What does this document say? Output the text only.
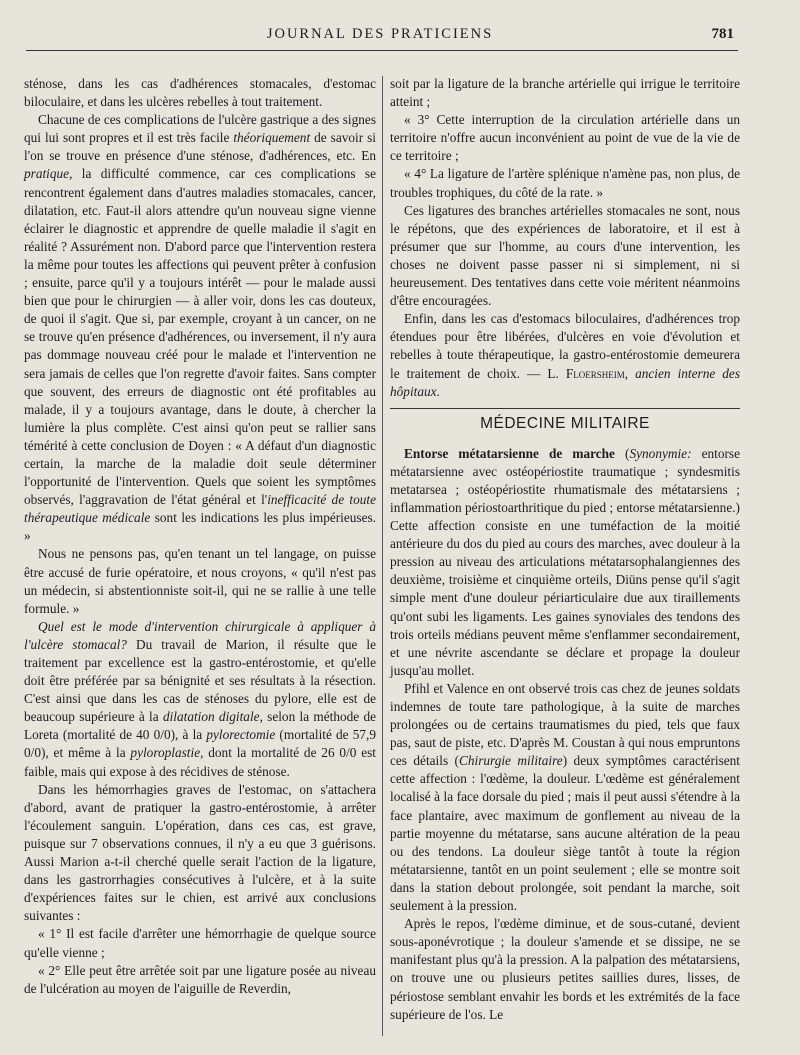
JOURNAL DES PRATICIENS	781

sténose, dans les cas d'adhérences stomacales, d'estomac biloculaire, et dans les ulcères rebelles à tout traitement.

Chacune de ces complications de l'ulcère gastrique a des signes qui lui sont propres et il est très facile théoriquement de savoir si l'on se trouve en présence d'une sténose, d'adhérences, etc. En pratique, la difficulté commence, car ces complications se rencontrent également dans d'autres maladies stomacales, cancer, dilatation, etc. Faut-il alors attendre qu'un nouveau signe vienne éclairer le diagnostic et apprendre de quelle maladie il s'agit en réalité ? Assurément non. D'abord parce que l'intervention restera la même pour toutes les affections qui peuvent prêter à confusion ; ensuite, parce qu'il y a toujours intérêt — pour le malade aussi bien que pour le chirurgien — à aller voir, dons les cas douteux, de quoi il s'agit. Que si, par exemple, croyant à un cancer, on ne se trouve qu'en présence d'adhérences, ou inversement, il n'y aura pas dommage nouveau créé pour le malade et l'intervention ne sera jamais de celles que l'on regrette d'avoir faites. Sans compter que souvent, des erreurs de diagnostic ont été profitables au malade, il y a toujours avantage, dans le doute, à chercher la lumière la plus complète. C'est ainsi qu'on peut se rallier sans témérité à cette conclusion de Doyen : « A défaut d'un diagnostic certain, la marche de la maladie doit seule déterminer l'opportunité de l'intervention. Quels que soient les symptômes observés, l'aggravation de l'état général et l'inefficacité de toute thérapeutique médicale sont les indications les plus impérieuses. »

Nous ne pensons pas, qu'en tenant un tel langage, on puisse être accusé de furie opératoire, et nous croyons, « qu'il n'est pas un médecin, si abstentionniste soit-il, qui ne se rallie à une telle formule. »

Quel est le mode d'intervention chirurgicale à appliquer à l'ulcère stomacal? Du travail de Marion, il résulte que le traitement par excellence est la gastro-entérostomie, et qu'elle doit être préférée par sa bénignité et ses résultats à la résection. C'est ainsi que dans les cas de sténoses du pylore, elle est de beaucoup supérieure à la dilatation digitale, selon la méthode de Loreta (mortalité de 40 0/0), à la pylorectomie (mortalité de 57,9 0/0), et même à la pyloroplastie, dont la mortalité de 26 0/0 est faible, mais qui expose à des récidives de sténose.

Dans les hémorrhagies graves de l'estomac, on s'attachera d'abord, avant de pratiquer la gastro-entérostomie, à arrêter l'écoulement sanguin. L'opération, dans ces cas, est grave, puisque sur 7 observations connues, il n'y a eu que 3 guérisons. Aussi Marion a-t-il cherché quelle serait l'action de la ligature, dans les gastrorrhagies consécutives à l'ulcère, et à la suite d'expériences faites sur le chien, est arrivé aux conclusions suivantes :

« 1° Il est facile d'arrêter une hémorrhagie de quelque source qu'elle vienne ;

« 2° Elle peut être arrêtée soit par une ligature posée au niveau de l'ulcération au moyen de l'aiguille de Reverdin,

soit par la ligature de la branche artérielle qui irrigue le territoire atteint ;

« 3° Cette interruption de la circulation artérielle dans un territoire n'offre aucun inconvénient au point de vue de la vie de ce territoire ;

« 4° La ligature de l'artère splénique n'amène pas, non plus, de troubles trophiques, du côté de la rate. »

Ces ligatures des branches artérielles stomacales ne sont, nous le répétons, que des expériences de laboratoire, et il est à présumer que sur l'homme, au cours d'une intervention, les choses ne doivent passe passer ni si simplement, ni si heureusement. Des tentatives dans cette voie méritent néanmoins d'être encouragées.

Enfin, dans les cas d'estomacs biloculaires, d'adhérences trop étendues pour être libérées, d'ulcères en voie d'évolution et rebelles à toute thérapeutique, la gastro-entérostomie demeurera le traitement de choix. — L. Floersheim, ancien interne des hôpitaux.

MÉDECINE MILITAIRE

Entorse métatarsienne de marche (Synonymie: entorse métatarsienne avec ostéopériostite traumatique ; syndesmitis metatarsea ; ostéopériostite rhumatismale des métatarsiens ; inflammation périostoarthritique du pied ; entorse métatarsienne.) Cette affection consiste en une tuméfaction de la moitié antérieure du dos du pied au cours des marches, avec douleur à la pression au niveau des articulations métatarsophalangiennes des deuxième, troisième et cinquième orteils, Diüns pense qu'il s'agit simple ment d'une douleur périarticulaire due aux tiraillements qu'ont subi les ligaments. Les gaines synoviales des tendons des trois orteils médians peuvent même s'enflammer secondairement, et une névrite ascendante se déclare et propage la douleur jusqu'au mollet.

Pfihl et Valence en ont observé trois cas chez de jeunes soldats indemnes de toute tare pathologique, à la suite de marches prolongées ou de certains traumatismes du pied, tels que faux pas, saut de piste, etc. D'après M. Coustan à qui nous empruntons ces détails (Chirurgie militaire) deux symptômes caractérisent cette affection : l'œdème, la douleur. L'œdème est généralement localisé à la face dorsale du pied ; mais il peut aussi s'étendre à la face plantaire, avec maximum de gonflement au niveau de la partie moyenne du métatarse, sans aucune altération de la peau ou des tendons. La douleur siège tantôt à toute la région métatarsienne, tantôt en un point seulement ; elle se montre soit dans la station debout prolongée, soit pendant la marche, soit seulement à la pression.

Après le repos, l'œdème diminue, et de sous-cutané, devient sous-aponévrotique ; la douleur s'amende et se dissipe, ne se manifestant plus qu'à la pression. A la palpation des métatarsiens, on trouve une ou plusieurs petites saillies dures, lisses, de périostose semblant envahir les bords et les extrémités de la face supérieure de l'os. Le
